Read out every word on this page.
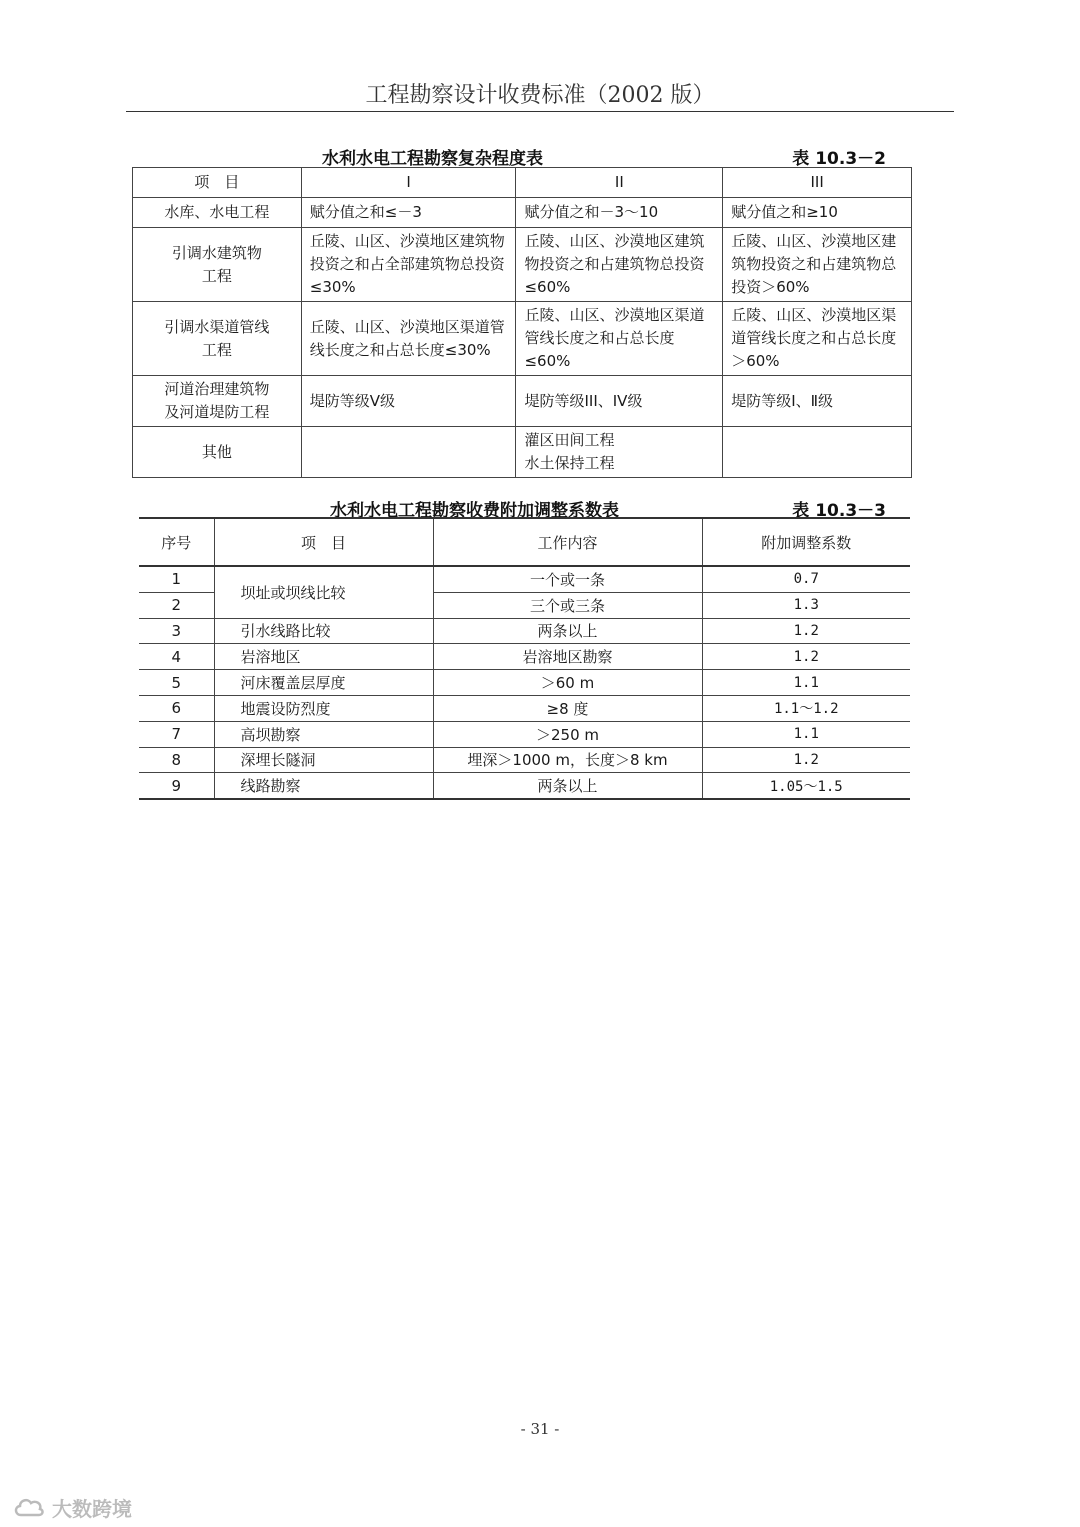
工程勘察设计收费标准（2002 版）
水利水电工程勘察复杂程度表	表 10.3－2
项　目	I	II	III
水库、水电工程	赋分值之和≤－3	赋分值之和－3～10	赋分值之和≥10
引调水建筑物
工程	丘陵、山区、沙漠地区建筑物投资之和占全部建筑物总投资≤30%	丘陵、山区、沙漠地区建筑物投资之和占建筑物总投资≤60%	丘陵、山区、沙漠地区建筑物投资之和占建筑物总投资＞60%
引调水渠道管线
工程	丘陵、山区、沙漠地区渠道管线长度之和占总长度≤30%	丘陵、山区、沙漠地区渠道管线长度之和占总长度≤60%	丘陵、山区、沙漠地区渠道管线长度之和占总长度＞60%
河道治理建筑物
及河道堤防工程	堤防等级Ⅴ级	堤防等级III、IV级	堤防等级Ⅰ、Ⅱ级
其他		灌区田间工程
水土保持工程	
水利水电工程勘察收费附加调整系数表	表 10.3－3
序号	项　目	工作内容	附加调整系数
1	坝址或坝线比较	一个或一条	0.7
2		三个或三条	1.3
3	引水线路比较	两条以上	1.2
4	岩溶地区	岩溶地区勘察	1.2
5	河床覆盖层厚度	＞60 m	1.1
6	地震设防烈度	≥8 度	1.1～1.2
7	高坝勘察	＞250 m	1.1
8	深埋长隧洞	埋深＞1000 m，长度＞8 km	1.2
9	线路勘察	两条以上	1.05～1.5
- 31 -
大数跨境
